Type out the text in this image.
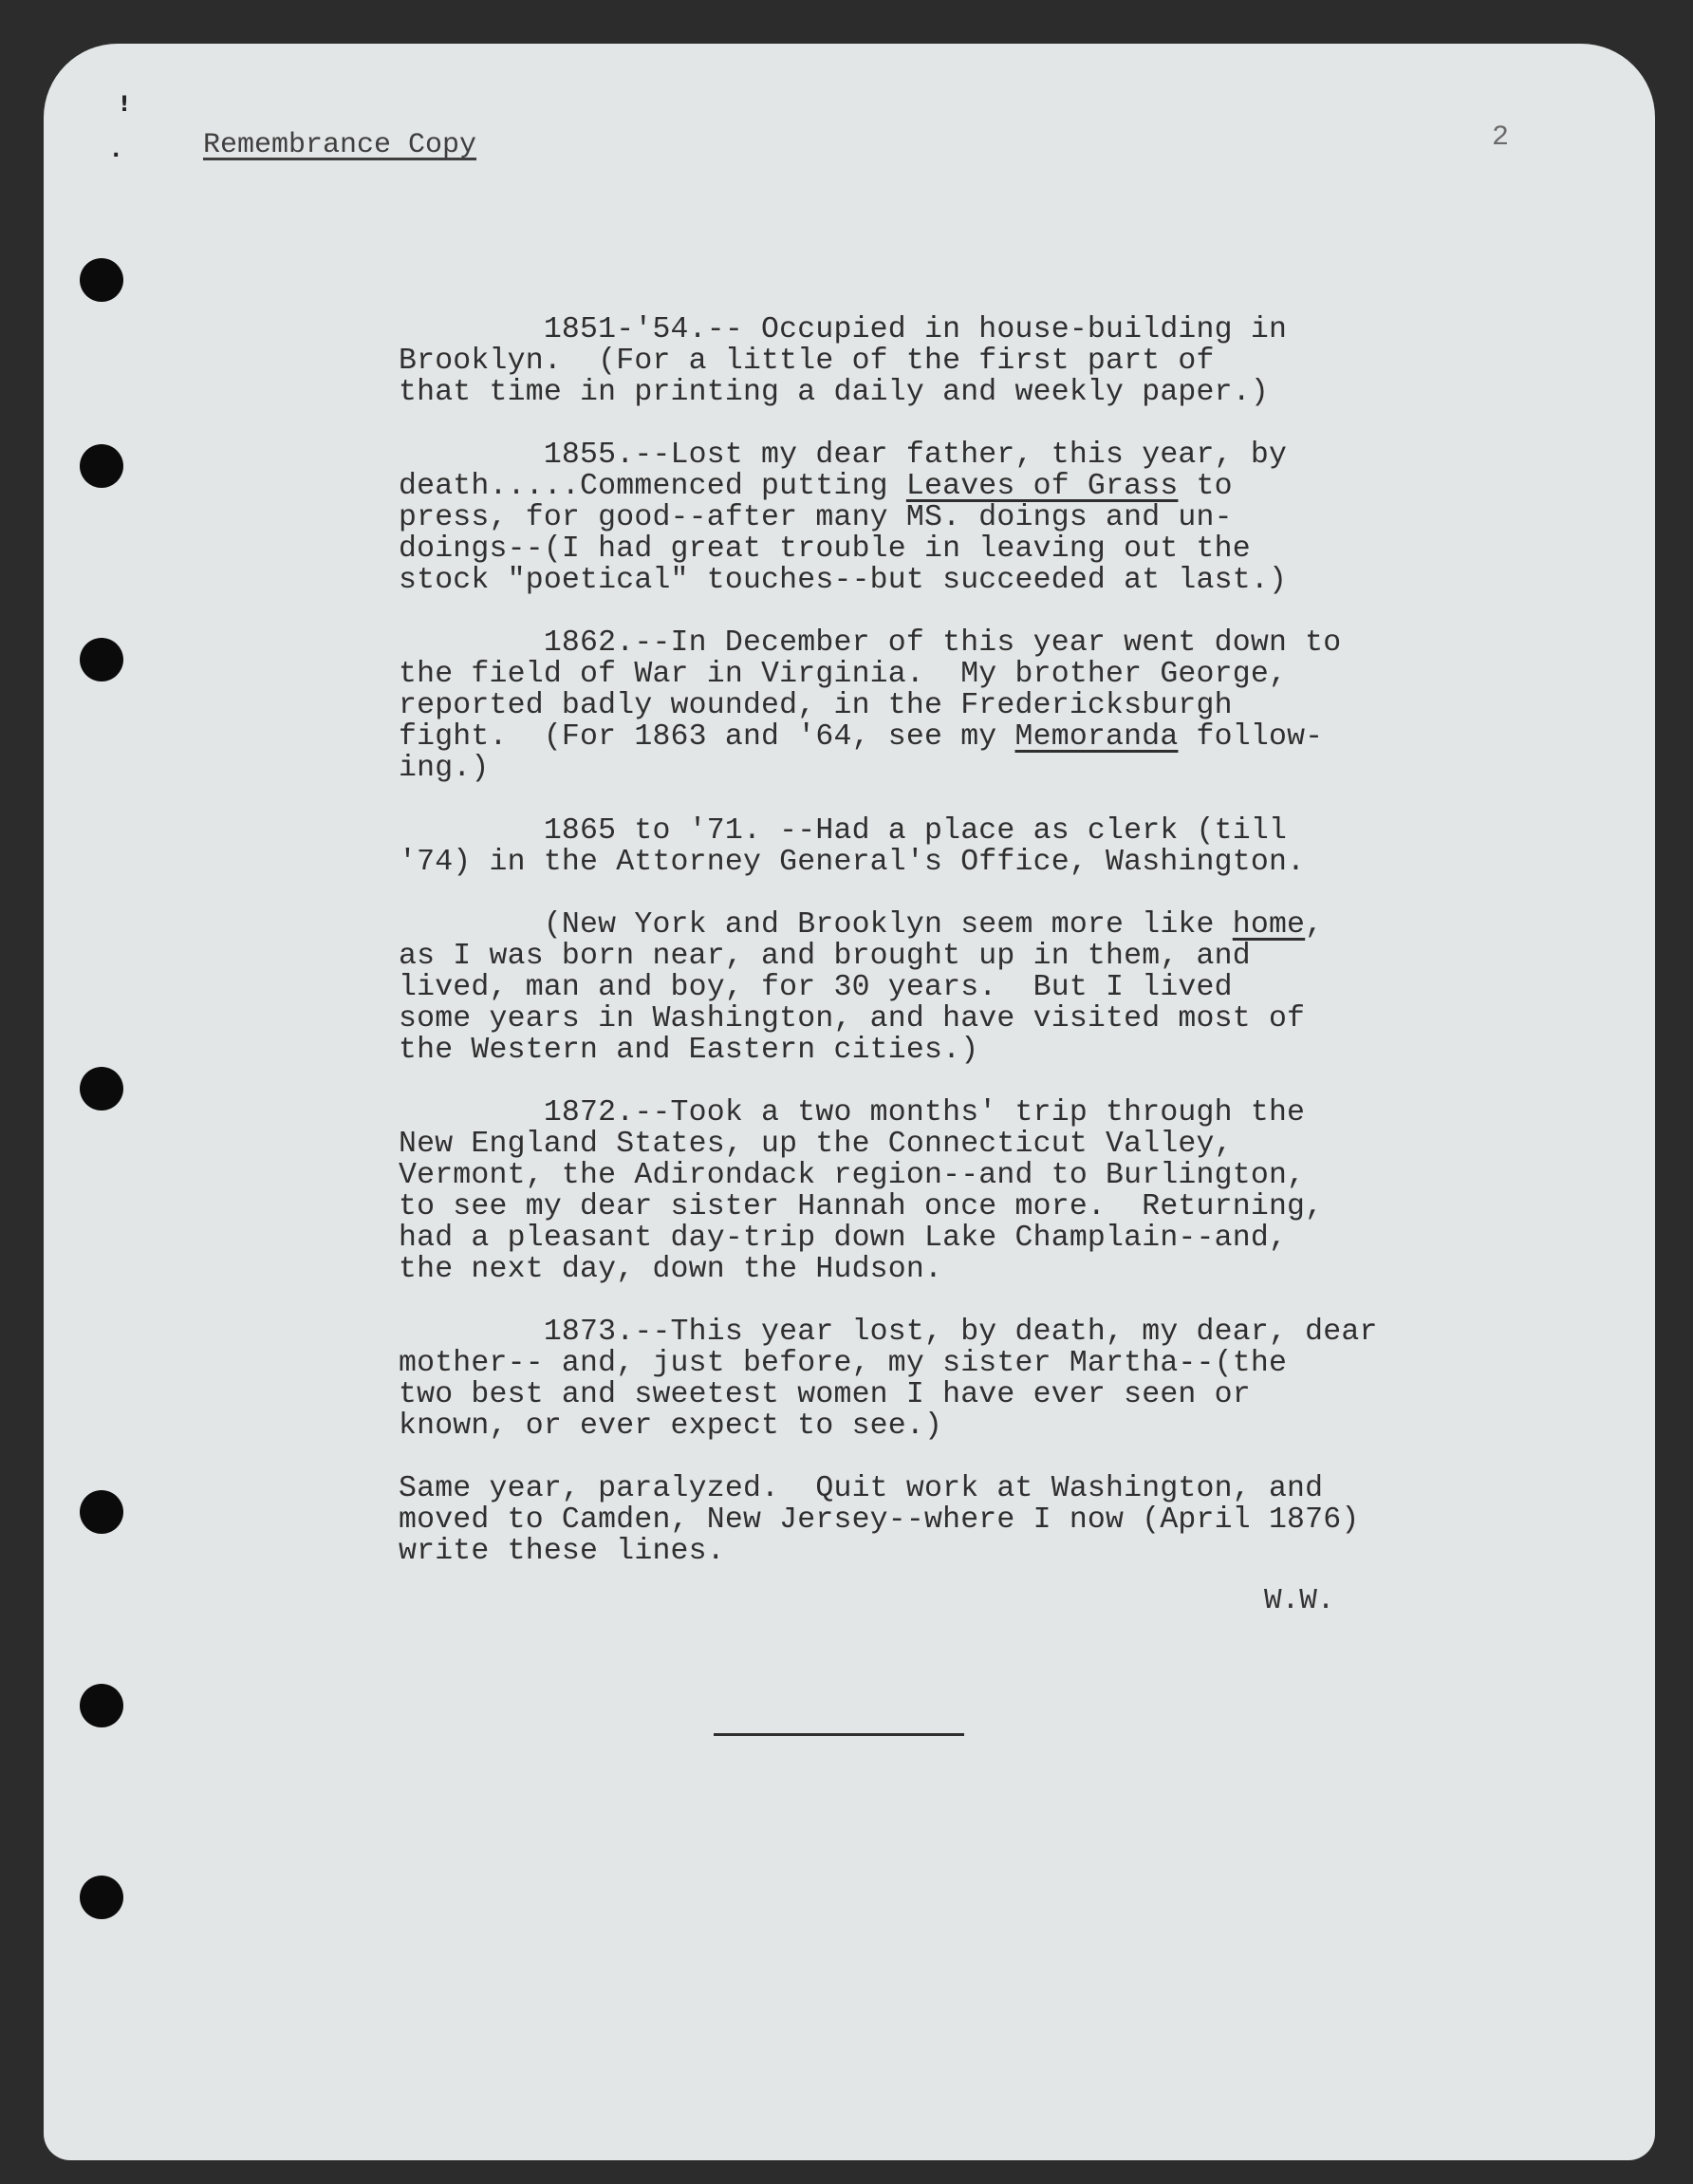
!
.	Remembrance Copy	2
1851-'54.-- Occupied in house-building in
Brooklyn.  (For a little of the first part of
that time in printing a daily and weekly paper.)
1855.--Lost my dear father, this year, by
death.....Commenced putting Leaves of Grass to
press, for good--after many MS. doings and un-
doings--(I had great trouble in leaving out the
stock "poetical" touches--but succeeded at last.)
1862.--In December of this year went down to
the field of War in Virginia.  My brother George,
reported badly wounded, in the Fredericksburgh
fight.  (For 1863 and '64, see my Memoranda follow-
ing.)
1865 to '71. --Had a place as clerk (till
'74) in the Attorney General's Office, Washington.
(New York and Brooklyn seem more like home,
as I was born near, and brought up in them, and
lived, man and boy, for 30 years.  But I lived
some years in Washington, and have visited most of
the Western and Eastern cities.)
1872.--Took a two months' trip through the
New England States, up the Connecticut Valley,
Vermont, the Adirondack region--and to Burlington,
to see my dear sister Hannah once more.  Returning,
had a pleasant day-trip down Lake Champlain--and,
the next day, down the Hudson.
1873.--This year lost, by death, my dear, dear
mother-- and, just before, my sister Martha--(the
two best and sweetest women I have ever seen or
known, or ever expect to see.)
Same year, paralyzed.  Quit work at Washington, and
moved to Camden, New Jersey--where I now (April 1876)
write these lines.
W.W.
